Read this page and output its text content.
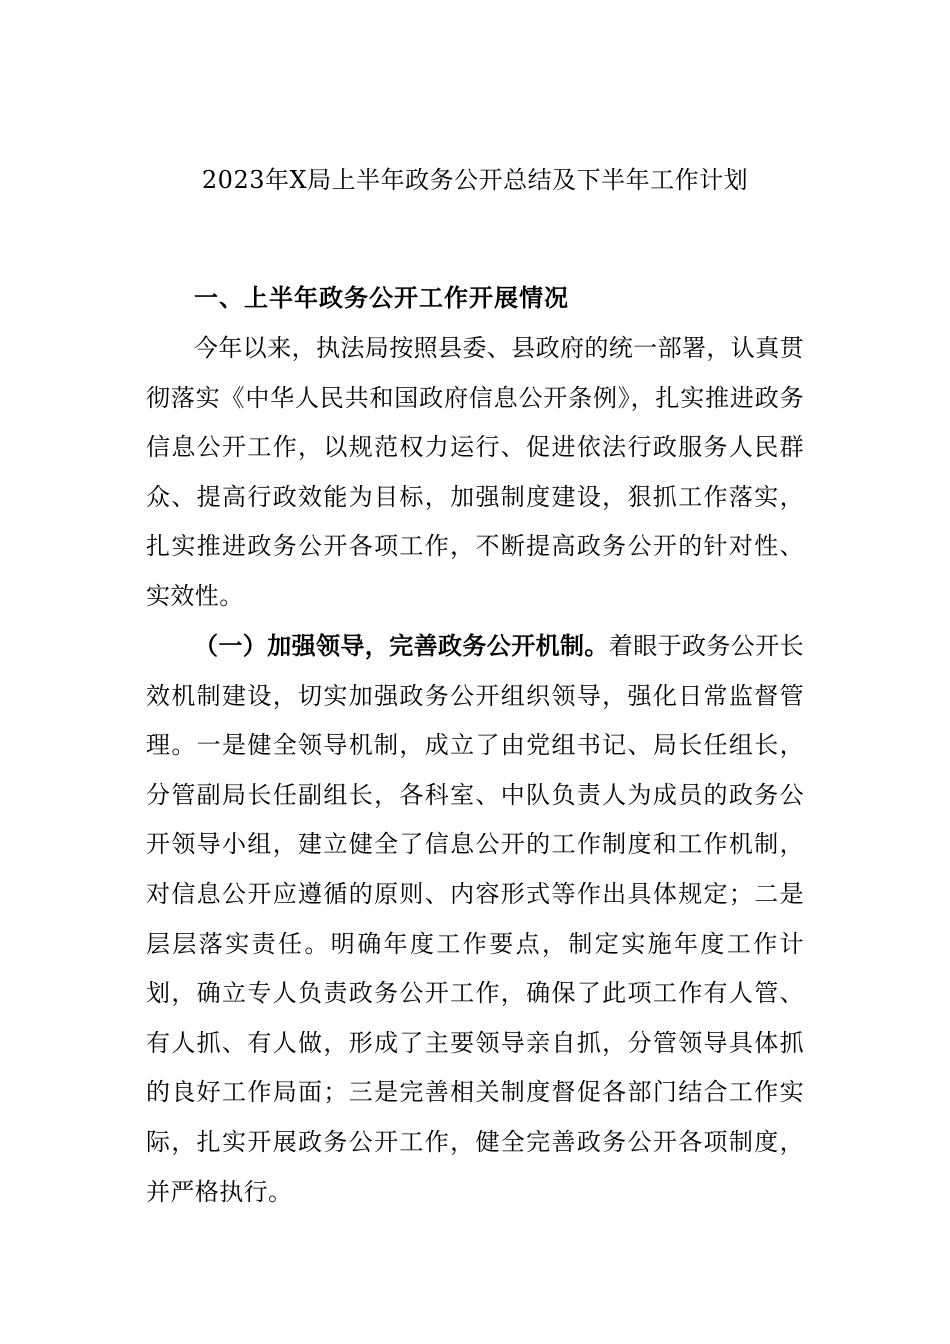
2023年X局上半年政务公开总结及下半年工作计划
一、上半年政务公开工作开展情况

今年以来，执法局按照县委、县政府的统一部署，认真贯彻落实《中华人民共和国政府信息公开条例》，扎实推进政务信息公开工作，以规范权力运行、促进依法行政服务人民群众、提高行政效能为目标，加强制度建设，狠抓工作落实，扎实推进政务公开各项工作，不断提高政务公开的针对性、实效性。

（一）加强领导，完善政务公开机制。着眼于政务公开长效机制建设，切实加强政务公开组织领导，强化日常监督管理。一是健全领导机制，成立了由党组书记、局长任组长，分管副局长任副组长，各科室、中队负责人为成员的政务公开领导小组，建立健全了信息公开的工作制度和工作机制，对信息公开应遵循的原则、内容形式等作出具体规定；二是层层落实责任。明确年度工作要点，制定实施年度工作计划，确立专人负责政务公开工作，确保了此项工作有人管、有人抓、有人做，形成了主要领导亲自抓，分管领导具体抓的良好工作局面；三是完善相关制度督促各部门结合工作实际，扎实开展政务公开工作，健全完善政务公开各项制度，并严格执行。
